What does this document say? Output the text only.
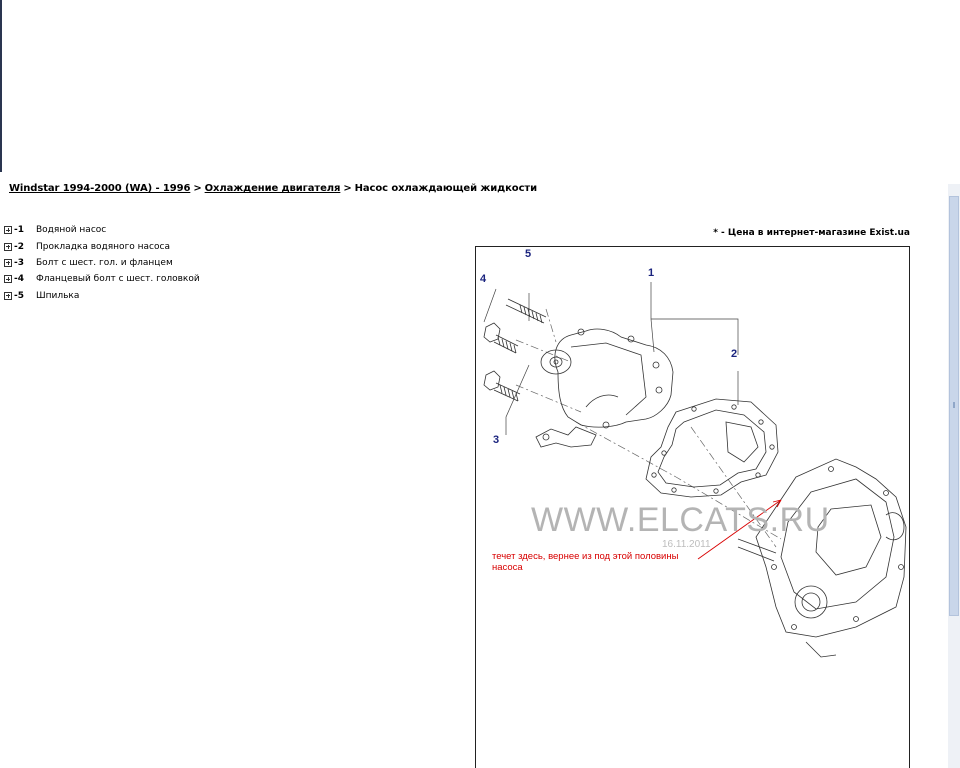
Windstar 1994-2000 (WA) - 1996 > Охлаждение двигателя > Насос охлаждающей жидкости
-1	Водяной насос
-2	Прокладка водяного насоса
-3	Болт с шест. гол. и фланцем
-4	Фланцевый болт с шест. головкой
-5	Шпилька
* - Цена в интернет-магазине Exist.ua
1
2
3
4
5
WWW.ELCATS.RU
16.11.2011
течет здесь, вернее из под этой половины насоса
